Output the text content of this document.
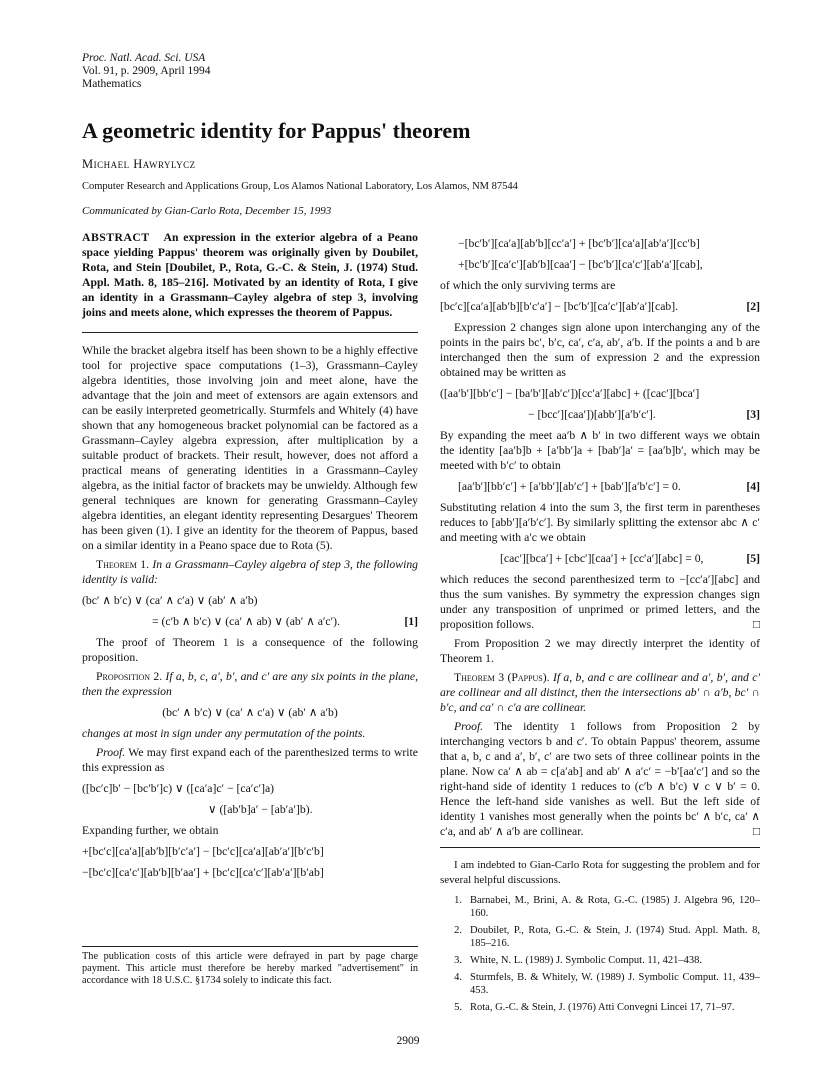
Proc. Natl. Acad. Sci. USA
Vol. 91, p. 2909, April 1994
Mathematics
A geometric identity for Pappus' theorem
Michael Hawrylycz
Computer Research and Applications Group, Los Alamos National Laboratory, Los Alamos, NM 87544
Communicated by Gian-Carlo Rota, December 15, 1993
ABSTRACT An expression in the exterior algebra of a Peano space yielding Pappus' theorem was originally given by Doubilet, Rota, and Stein [Doubilet, P., Rota, G.-C. & Stein, J. (1974) Stud. Appl. Math. 8, 185–216]. Motivated by an identity of Rota, I give an identity in a Grassmann–Cayley algebra of step 3, involving joins and meets alone, which expresses the theorem of Pappus.

While the bracket algebra itself has been shown to be a highly effective tool for projective space computations (1–3), Grassmann–Cayley algebra identities, those involving join and meet alone, have the advantage that the join and meet of extensors are again extensors and can be easily interpreted geometrically. Sturmfels and Whitely (4) have shown that any homogeneous bracket polynomial can be factored as a Grassmann–Cayley algebra expression, after multiplication by a suitable product of brackets. Their result, however, does not afford a practical means of generating identities in a Grassmann–Cayley algebra, as the initial factor of brackets may be unwieldy. Although few general techniques are known for generating Grassmann–Cayley algebra identities, an elegant identity representing Desargues' Theorem has been given (1). I give an identity for the theorem of Pappus, based on a similar identity in a Peano space due to Rota (5).

Theorem 1. In a Grassmann–Cayley algebra of step 3, the following identity is valid:

(bc′ ∧ b′c) ∨ (ca′ ∧ c′a) ∨ (ab′ ∧ a′b)
= (c′b ∧ b′c) ∨ (ca′ ∧ ab) ∨ (ab′ ∧ a′c′).	[1]

The proof of Theorem 1 is a consequence of the following proposition.

Proposition 2. If a, b, c, a′, b′, and c′ are any six points in the plane, then the expression

(bc′ ∧ b′c) ∨ (ca′ ∧ c′a) ∨ (ab′ ∧ a′b)

changes at most in sign under any permutation of the points.

Proof. We may first expand each of the parenthesized terms to write this expression as

([bc′c]b′ − [bc′b′]c) ∨ ([ca′a]c′ − [ca′c′]a)
∨ ([ab′b]a′ − [ab′a′]b).

Expanding further, we obtain

+[bc′c][ca′a][ab′b][b′c′a′] − [bc′c][ca′a][ab′a′][b′c′b]
−[bc′c][ca′c′][ab′b][b′aa′] + [bc′c][ca′c′][ab′a′][b′ab]
The publication costs of this article were defrayed in part by page charge payment. This article must therefore be hereby marked "advertisement" in accordance with 18 U.S.C. §1734 solely to indicate this fact.
−[bc′b′][ca′a][ab′b][cc′a′] + [bc′b′][ca′a][ab′a′][cc′b]
+[bc′b′][ca′c′][ab′b][caa′] − [bc′b′][ca′c′][ab′a′][cab],

of which the only surviving terms are

[bc′c][ca′a][ab′b][b′c′a′] − [bc′b′][ca′c′][ab′a′][cab].	[2]

Expression 2 changes sign alone upon interchanging any of the points in the pairs bc′, b′c, ca′, c′a, ab′, a′b. If the points a and b are interchanged then the sum of expression 2 and the expression obtained may be written as

([aa′b′][bb′c′] − [ba′b′][ab′c′])[cc′a′][abc] + ([cac′][bca′]
− [bcc′][caa′])[abb′][a′b′c′].	[3]

By expanding the meet aa′b ∧ b′ in two different ways we obtain the identity [aa′b]b + [a′bb′]a + [bab′]a′ = [aa′b]b′, which may be meeted with b′c′ to obtain

[aa′b′][bb′c′] + [a′bb′][ab′c′] + [bab′][a′b′c′] = 0.	[4]

Substituting relation 4 into the sum 3, the first term in parentheses reduces to [abb′][a′b′c′]. By similarly splitting the extensor abc ∧ c′ and meeting with a′c we obtain

[cac′][bca′] + [cbc′][caa′] + [cc′a′][abc] = 0,	[5]

which reduces the second parenthesized term to −[cc′a′][abc] and thus the sum vanishes. By symmetry the expression changes sign under any transposition of unprimed or primed letters, and the proposition follows.	□

From Proposition 2 we may directly interpret the identity of Theorem 1.

Theorem 3 (Pappus). If a, b, and c are collinear and a′, b′, and c′ are collinear and all distinct, then the intersections ab′ ∩ a′b, bc′ ∩ b′c, and ca′ ∩ c′a are collinear.

Proof. The identity 1 follows from Proposition 2 by interchanging vectors b and c′. To obtain Pappus' theorem, assume that a, b, c and a′, b′, c′ are two sets of three collinear points in the plane. Now ca′ ∧ ab = c[a′ab] and ab′ ∧ a′c′ = −b′[aa′c′] and so the right-hand side of identity 1 reduces to (c′b ∧ b′c) ∨ c ∨ b′ = 0. Hence the left-hand side vanishes as well. But the left side of identity 1 vanishes most generally when the points bc′ ∧ b′c, ca′ ∧ c′a, and ab′ ∧ a′b are collinear.	□

I am indebted to Gian-Carlo Rota for suggesting the problem and for several helpful discussions.
1. Barnabei, M., Brini, A. & Rota, G.-C. (1985) J. Algebra 96, 120–160.
2. Doubilet, P., Rota, G.-C. & Stein, J. (1974) Stud. Appl. Math. 8, 185–216.
3. White, N. L. (1989) J. Symbolic Comput. 11, 421–438.
4. Sturmfels, B. & Whitely, W. (1989) J. Symbolic Comput. 11, 439–453.
5. Rota, G.-C. & Stein, J. (1976) Atti Convegni Lincei 17, 71–97.
2909
